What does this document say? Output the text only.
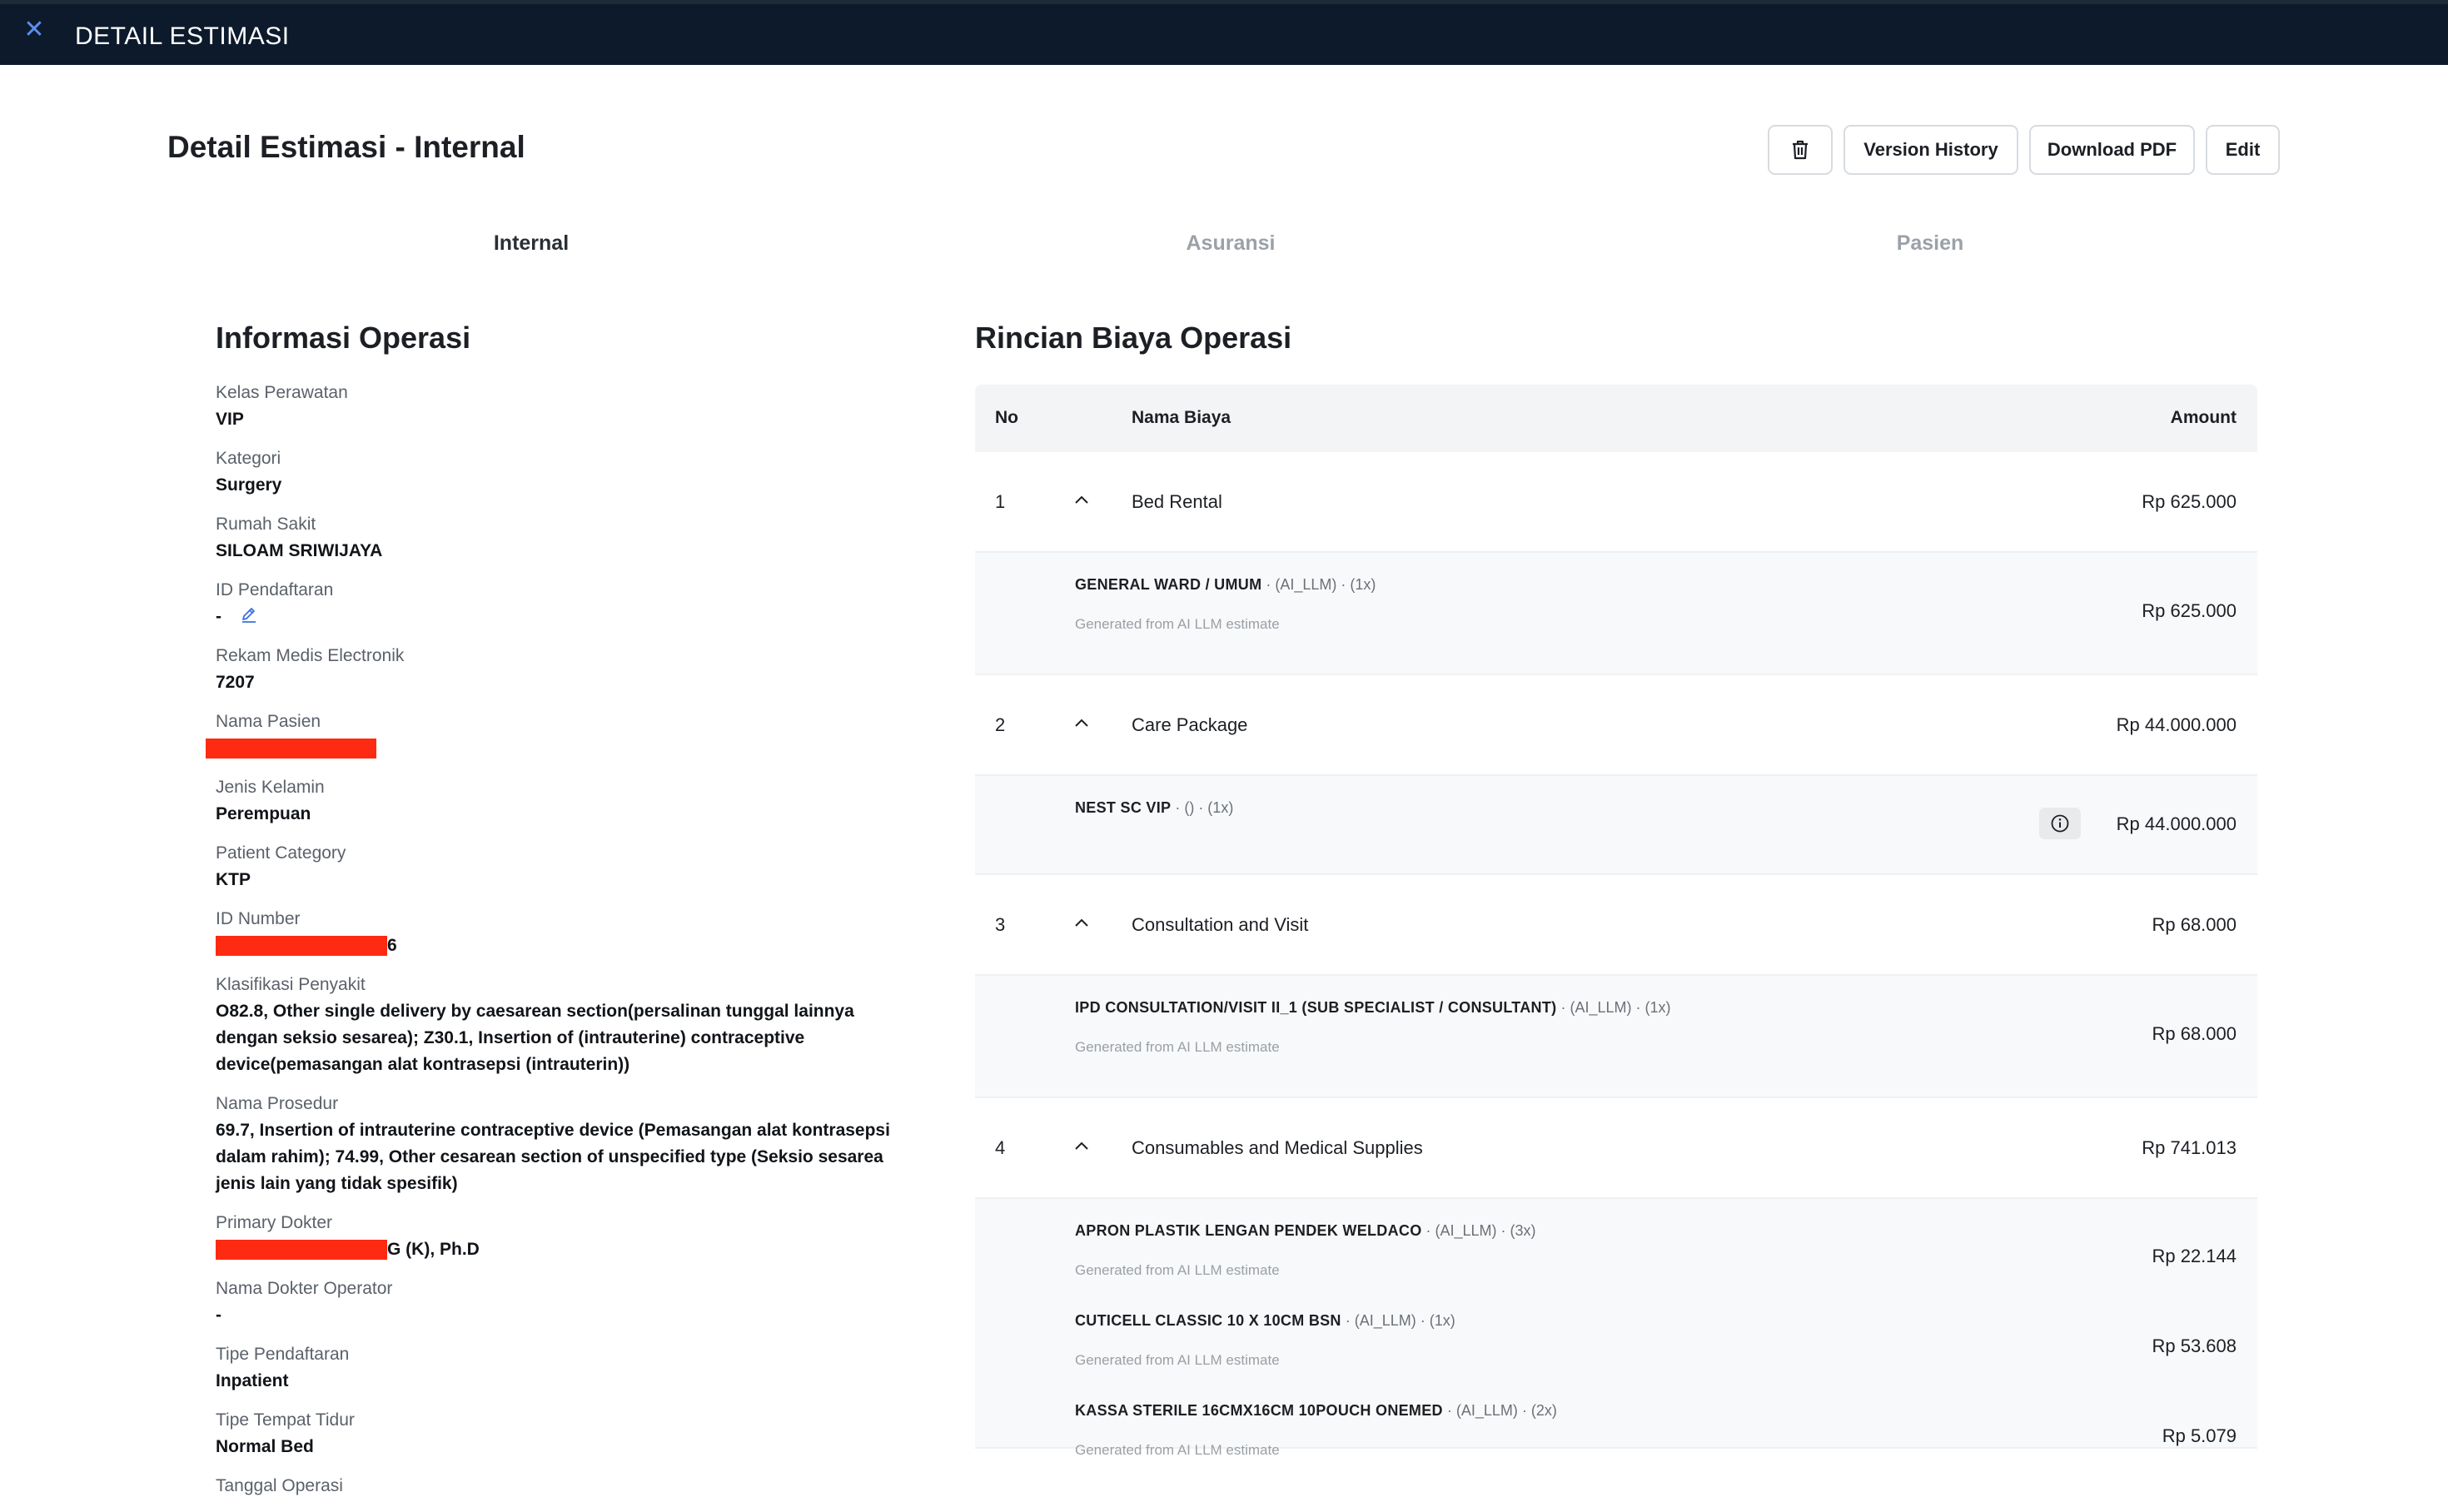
✕ DETAIL ESTIMASI
Detail Estimasi - Internal	Version History	Download PDF	Edit
Internal	Asuransi	Pasien
Informasi Operasi
Kelas Perawatan
VIP
Kategori
Surgery
Rumah Sakit
SILOAM SRIWIJAYA
ID Pendaftaran
-
Rekam Medis Electronik
7207
Nama Pasien
Jenis Kelamin
Perempuan
Patient Category
KTP
ID Number
6
Klasifikasi Penyakit
O82.8, Other single delivery by caesarean section(persalinan tunggal lainnya dengan seksio sesarea); Z30.1, Insertion of (intrauterine) contraceptive device(pemasangan alat kontrasepsi (intrauterin))
Nama Prosedur
69.7, Insertion of intrauterine contraceptive device (Pemasangan alat kontrasepsi dalam rahim); 74.99, Other cesarean section of unspecified type (Seksio sesarea jenis lain yang tidak spesifik)
Primary Dokter
G (K), Ph.D
Nama Dokter Operator
-
Tipe Pendaftaran
Inpatient
Tipe Tempat Tidur
Normal Bed
Tanggal Operasi
Rincian Biaya Operasi
No	Nama Biaya	Amount
1	Bed Rental	Rp 625.000
GENERAL WARD / UMUM · (AI_LLM) · (1x)
Generated from AI LLM estimate
Rp 625.000
2	Care Package	Rp 44.000.000
NEST SC VIP · () · (1x)
Rp 44.000.000
3	Consultation and Visit	Rp 68.000
IPD CONSULTATION/VISIT II_1 (SUB SPECIALIST / CONSULTANT) · (AI_LLM) · (1x)
Generated from AI LLM estimate
Rp 68.000
4	Consumables and Medical Supplies	Rp 741.013
APRON PLASTIK LENGAN PENDEK WELDACO · (AI_LLM) · (3x)
Generated from AI LLM estimate
Rp 22.144
CUTICELL CLASSIC 10 X 10CM BSN · (AI_LLM) · (1x)
Generated from AI LLM estimate
Rp 53.608
KASSA STERILE 16CMX16CM 10POUCH ONEMED · (AI_LLM) · (2x)
Generated from AI LLM estimate
Rp 5.079
